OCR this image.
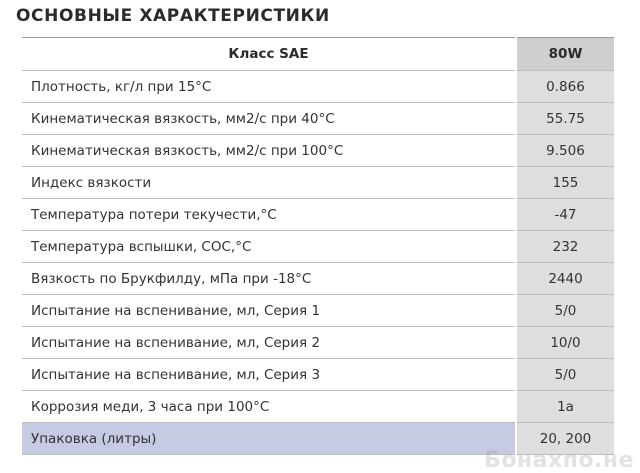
ОСНОВНЫЕ ХАРАКТЕРИСТИКИ
Класс SAE	80W
Плотность, кг/л при 15°C	0.866
Кинематическая вязкость, мм2/с при 40°C	55.75
Кинематическая вязкость, мм2/с при 100°C	9.506
Индекс вязкости	155
Температура потери текучести,°C	-47
Температура вспышки, СОС,°C	232
Вязкость по Брукфилду, мПа при -18°C	2440
Испытание на вспенивание, мл, Серия 1	5/0
Испытание на вспенивание, мл, Серия 2	10/0
Испытание на вспенивание, мл, Серия 3	5/0
Коррозия меди, 3 часа при 100°C	1a
Упаковка (литры)	20, 200
Бонахпо.не
